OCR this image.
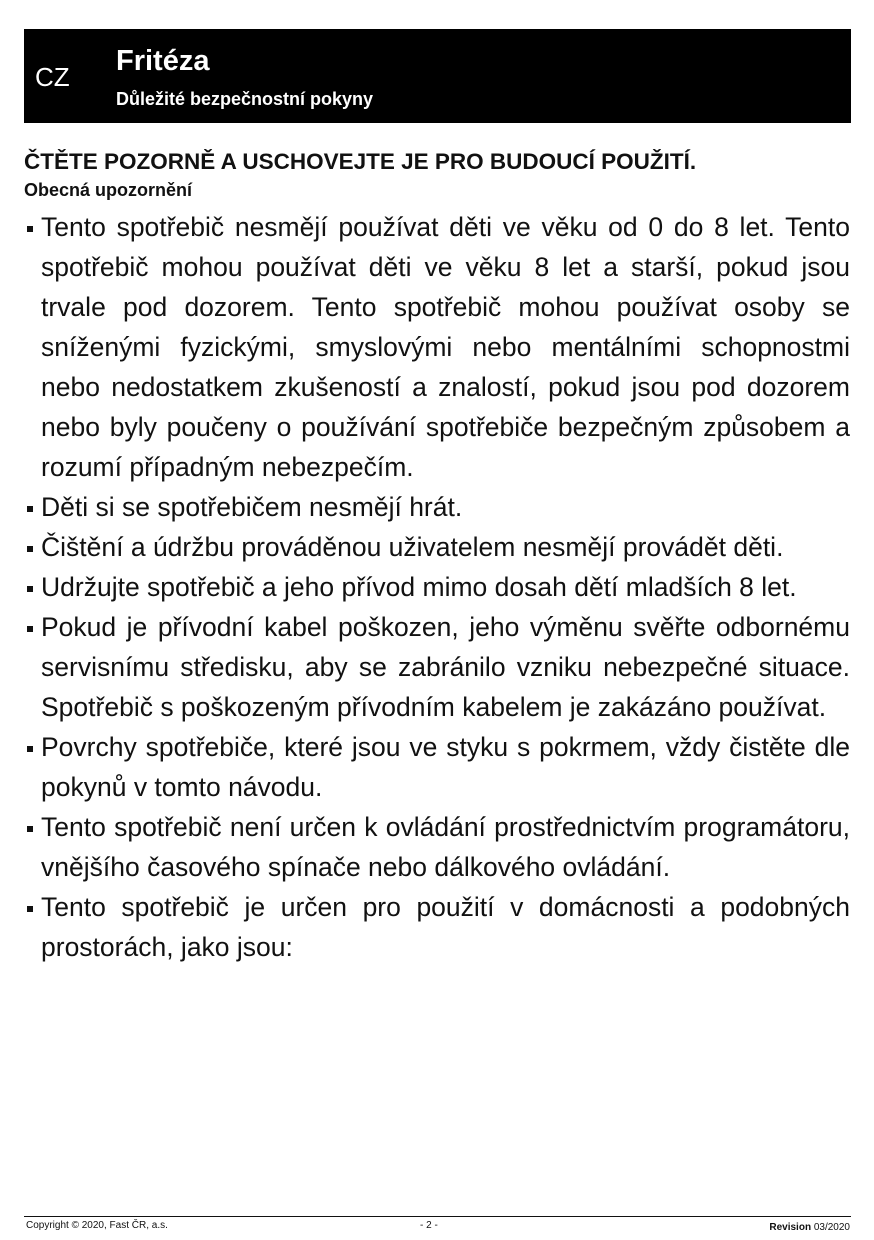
CZ Fritéza
Důležité bezpečnostní pokyny
ČTĚTE POZORNĚ A USCHOVEJTE JE PRO BUDOUCÍ POUŽITÍ.
Obecná upozornění
Tento spotřebič nesmějí používat děti ve věku od 0 do 8 let. Tento spotřebič mohou používat děti ve věku 8 let a starší, pokud jsou trvale pod dozorem. Tento spotřebič mohou používat osoby se sníženými fyzickými, smyslovými nebo mentálními schopnostmi nebo nedostatkem zkušeností a znalostí, pokud jsou pod dozorem nebo byly poučeny o používání spotřebiče bezpečným způsobem a rozumí případným nebezpečím.
Děti si se spotřebičem nesmějí hrát.
Čištění a údržbu prováděnou uživatelem nesmějí provádět děti.
Udržujte spotřebič a jeho přívod mimo dosah dětí mladších 8 let.
Pokud je přívodní kabel poškozen, jeho výměnu svěřte odbornému servisnímu středisku, aby se zabránilo vzniku nebezpečné situace. Spotřebič s poškozeným přívodním kabelem je zakázáno používat.
Povrchy spotřebiče, které jsou ve styku s pokrmem, vždy čistěte dle pokynů v tomto návodu.
Tento spotřebič není určen k ovládání prostřednictvím programátoru, vnějšího časového spínače nebo dálkového ovládání.
Tento spotřebič je určen pro použití v domácnosti a podobných prostorách, jako jsou:
Copyright © 2020, Fast ČR, a.s.	- 2 -	Revision 03/2020
